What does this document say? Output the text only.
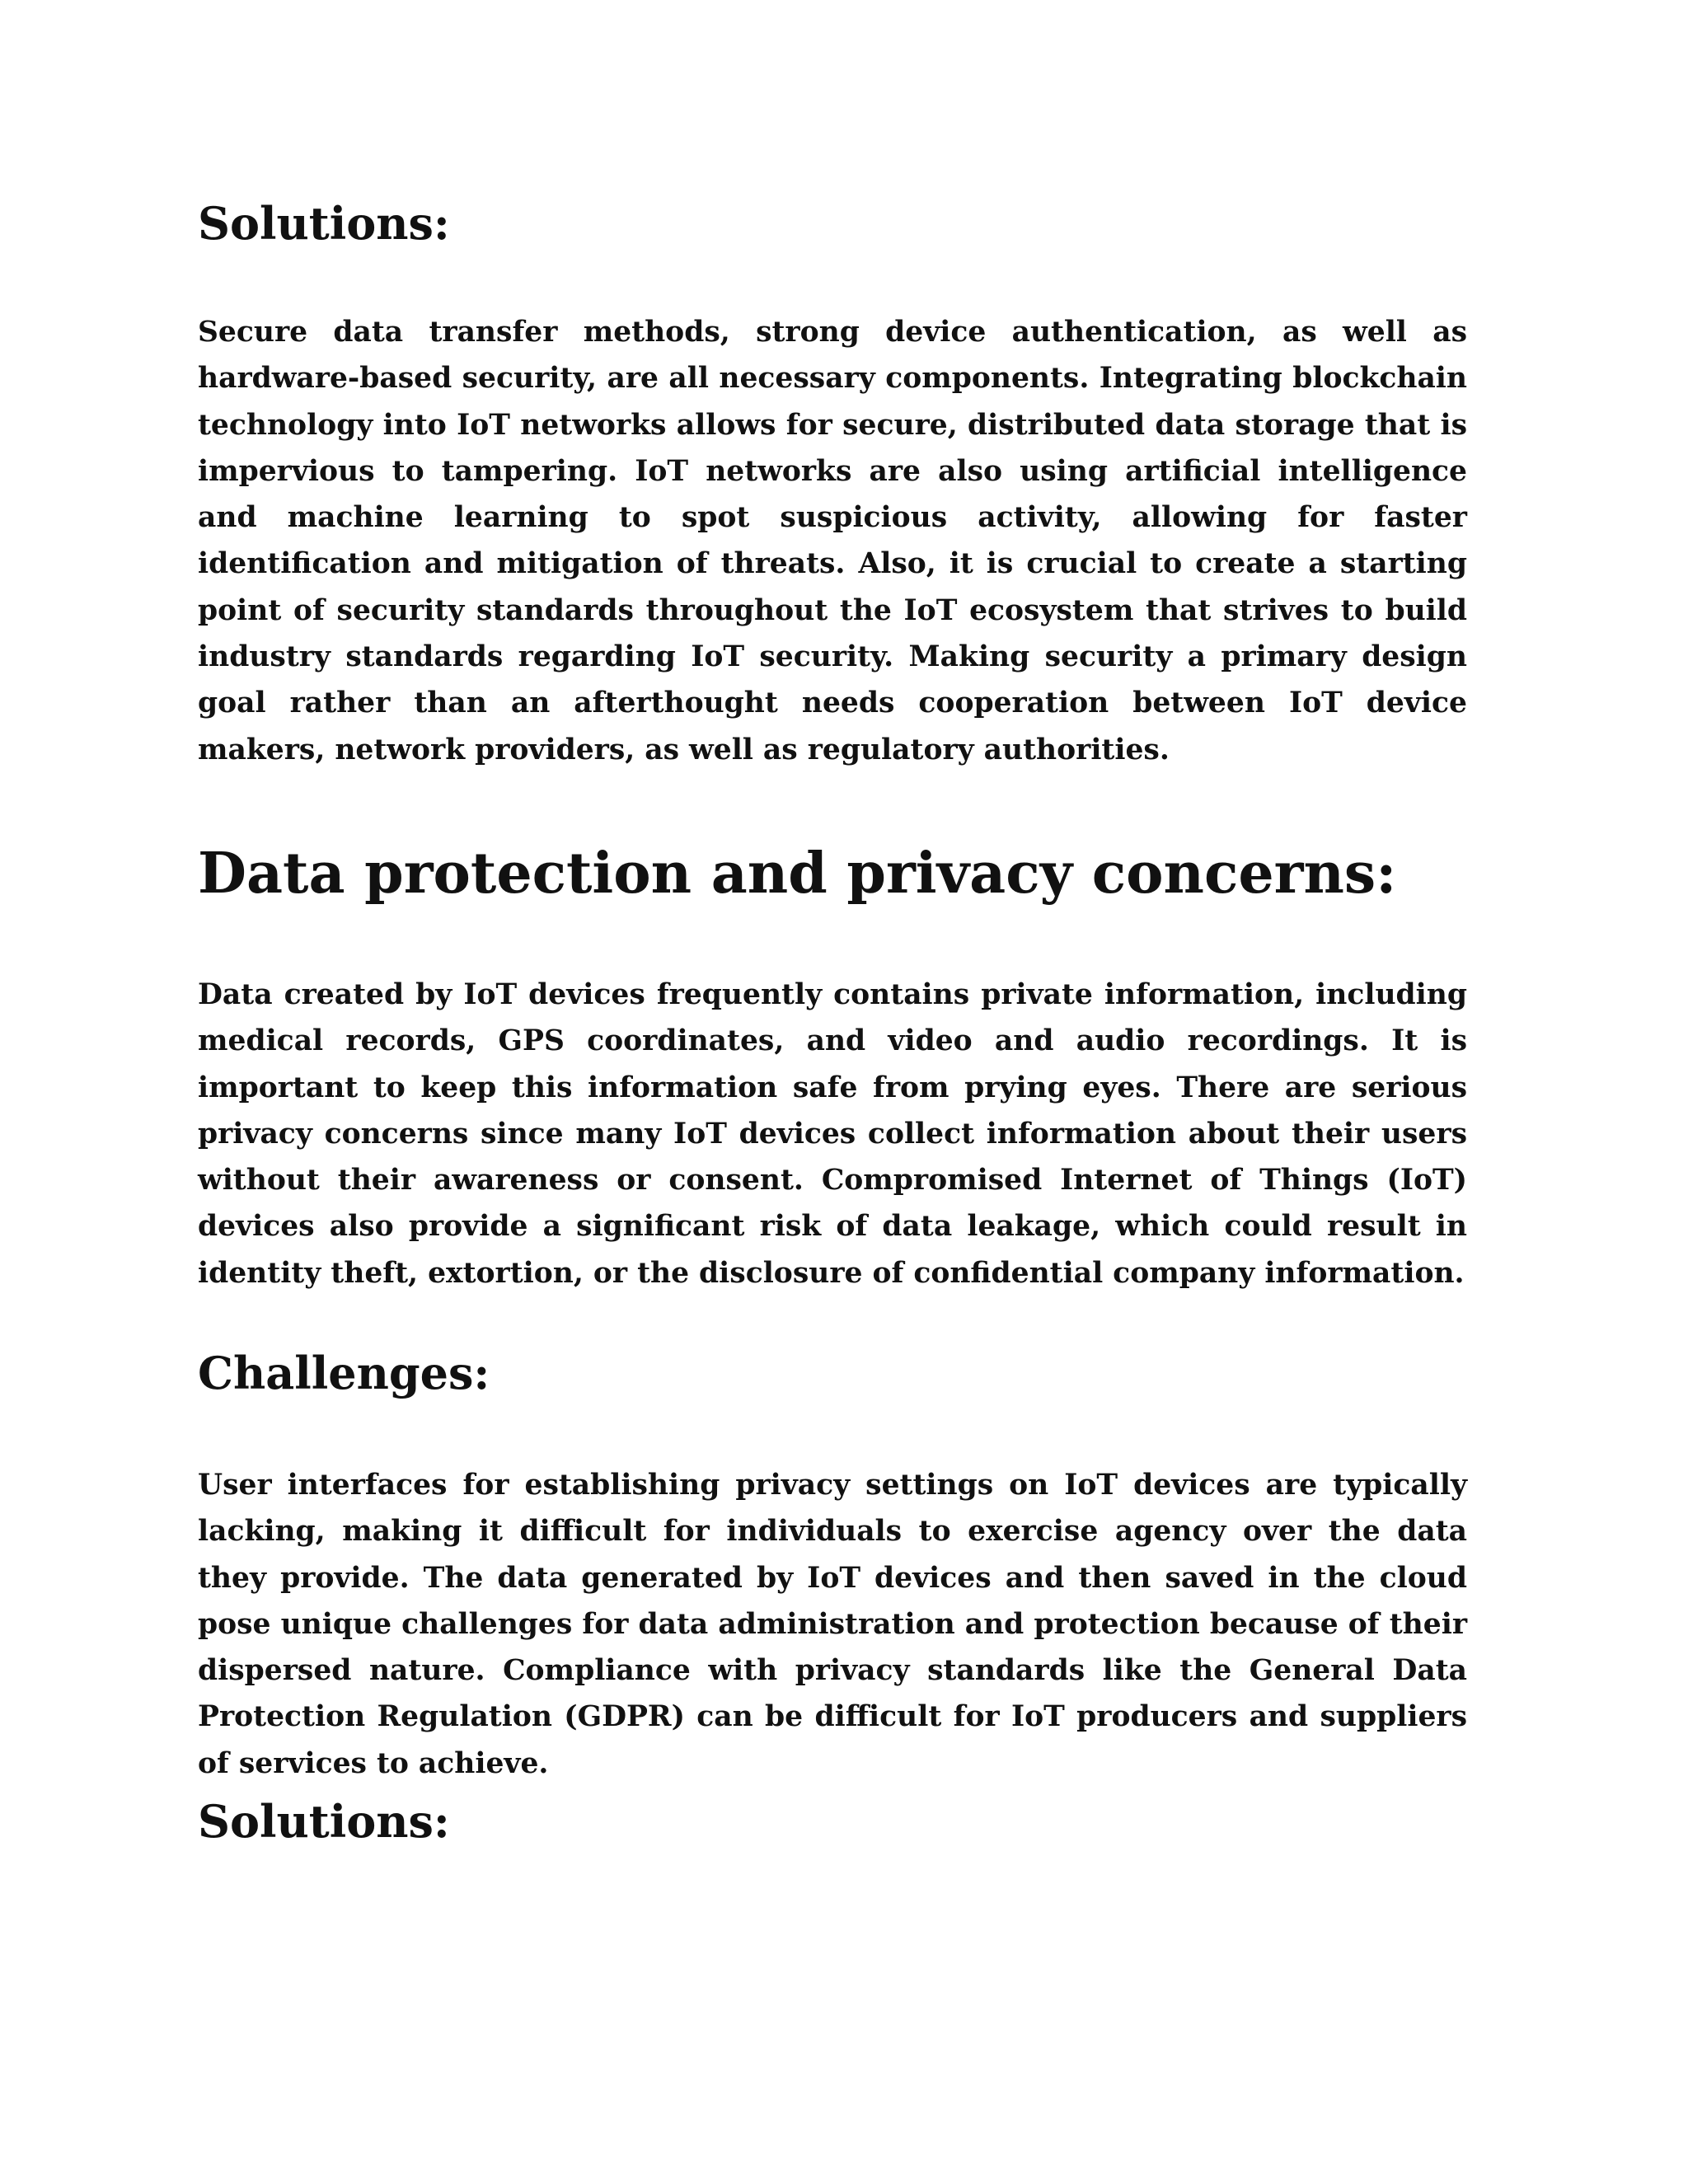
Solutions:

Secure data transfer methods, strong device authentication, as well as hardware-based security, are all necessary components. Integrating blockchain technology into IoT networks allows for secure, distributed data storage that is impervious to tampering. IoT networks are also using artificial intelligence and machine learning to spot suspicious activity, allowing for faster identification and mitigation of threats. Also, it is crucial to create a starting point of security standards throughout the IoT ecosystem that strives to build industry standards regarding IoT security. Making security a primary design goal rather than an afterthought needs cooperation between IoT device makers, network providers, as well as regulatory authorities.

Data protection and privacy concerns:

Data created by IoT devices frequently contains private information, including medical records, GPS coordinates, and video and audio recordings. It is important to keep this information safe from prying eyes. There are serious privacy concerns since many IoT devices collect information about their users without their awareness or consent. Compromised Internet of Things (IoT) devices also provide a significant risk of data leakage, which could result in identity theft, extortion, or the disclosure of confidential company information.

Challenges:

User interfaces for establishing privacy settings on IoT devices are typically lacking, making it difficult for individuals to exercise agency over the data they provide. The data generated by IoT devices and then saved in the cloud pose unique challenges for data administration and protection because of their dispersed nature. Compliance with privacy standards like the General Data Protection Regulation (GDPR) can be difficult for IoT producers and suppliers of services to achieve.

Solutions:
